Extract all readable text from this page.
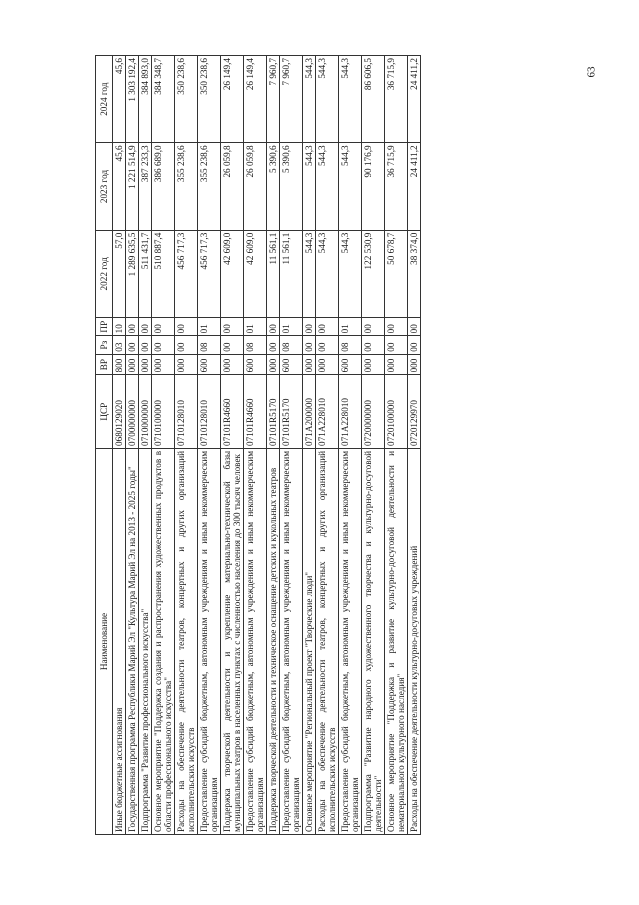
63
Наименование	ЦСР	ВР	Рз	ПР	2022 год	2023 год	2024 год
Иные бюджетные ассигнования	0680129020	800	03	10	57,0	45,6	45,6
Государственная программа Республики Марий Эл "Культура Марий Эл на 2013 - 2025 годы"	0700000000	000	00	00	1 289 635,5	1 221 514,9	1 303 192,4
Подпрограмма "Развитие профессионального искусства"	0710000000	000	00	00	511 431,7	387 233,3	384 893,0
Основное мероприятие "Поддержка создания и распространения художественных продуктов в области профессионального искусства"	0710100000	000	00	00	510 887,4	386 689,0	384 348,7
Расходы на обеспечение деятельности театров, концертных и других организаций исполнительских искусств	0710128010	000	00	00	456 717,3	355 238,6	350 238,6
Предоставление субсидий бюджетным, автономным учреждениям и иным некоммерческим организациям	0710128010	600	08	01	456 717,3	355 238,6	350 238,6
Поддержка творческой деятельности и укрепление материально-технической базы муниципальных театров в населенных пунктах с численностью населения до 300 тысяч человек	07101R4660	000	00	00	42 609,0	26 059,8	26 149,4
Предоставление субсидий бюджетным, автономным учреждениям и иным некоммерческим организациям	07101R4660	600	08	01	42 609,0	26 059,8	26 149,4
Поддержка творческой деятельности и техническое оснащение детских и кукольных театров	07101R5170	000	00	00	11 561,1	5 390,6	7 960,7
Предоставление субсидий бюджетным, автономным учреждениям и иным некоммерческим организациям	07101R5170	600	08	01	11 561,1	5 390,6	7 960,7
Основное мероприятие "Региональный проект "Творческие люди"	071A200000	000	00	00	544,3	544,3	544,3
Расходы на обеспечение деятельности театров, концертных и других организаций исполнительских искусств	071A228010	000	00	00	544,3	544,3	544,3
Предоставление субсидий бюджетным, автономным учреждениям и иным некоммерческим организациям	071A228010	600	08	01	544,3	544,3	544,3
Подпрограмма "Развитие народного художественного творчества и культурно-досуговой деятельности"	0720000000	000	00	00	122 530,9	90 176,9	86 606,5
Основное мероприятие "Поддержка и развитие культурно-досуговой деятельности и нематериального культурного наследия"	0720100000	000	00	00	50 678,7	36 715,9	36 715,9
Расходы на обеспечение деятельности культурно-досуговых учреждений	0720129970	000	00	00	38 374,0	24 411,2	24 411,2
